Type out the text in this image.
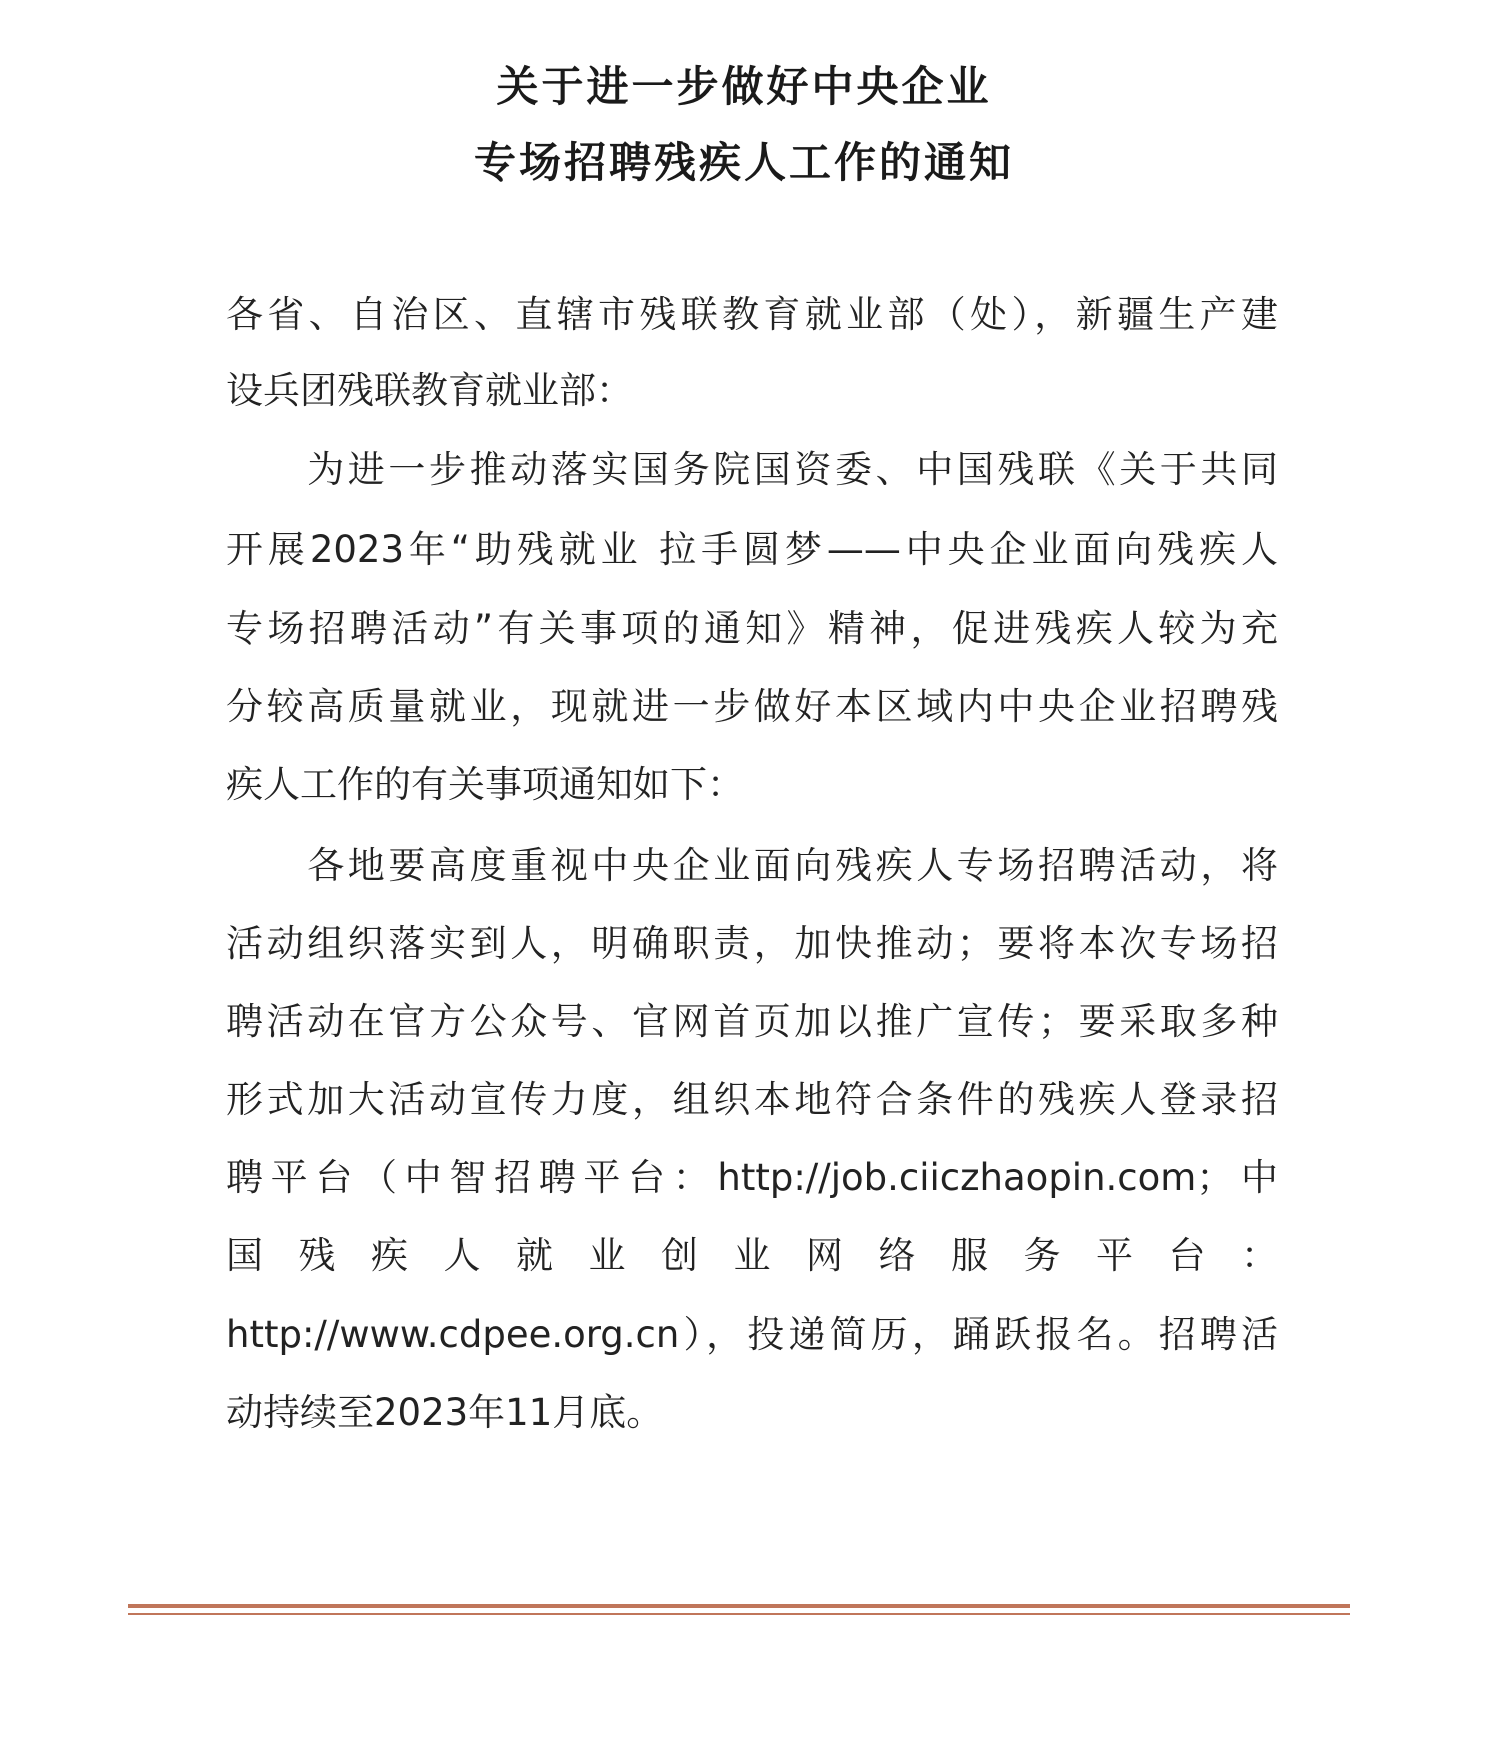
关于进一步做好中央企业
专场招聘残疾人工作的通知
各省、自治区、直辖市残联教育就业部（处），新疆生产建
设兵团残联教育就业部：
　　为进一步推动落实国务院国资委、中国残联《关于共同
开展2023年“助残就业 拉手圆梦——中央企业面向残疾人
专场招聘活动”有关事项的通知》精神，促进残疾人较为充
分较高质量就业，现就进一步做好本区域内中央企业招聘残
疾人工作的有关事项通知如下：
　　各地要高度重视中央企业面向残疾人专场招聘活动，将
活动组织落实到人，明确职责，加快推动；要将本次专场招
聘活动在官方公众号、官网首页加以推广宣传；要采取多种
形式加大活动宣传力度，组织本地符合条件的残疾人登录招
聘平台（中智招聘平台：http://job.ciiczhaopin.com；中
国残疾人就业创业网络服务平台：
http://www.cdpee.org.cn），投递简历，踊跃报名。招聘活
动持续至2023年11月底。
